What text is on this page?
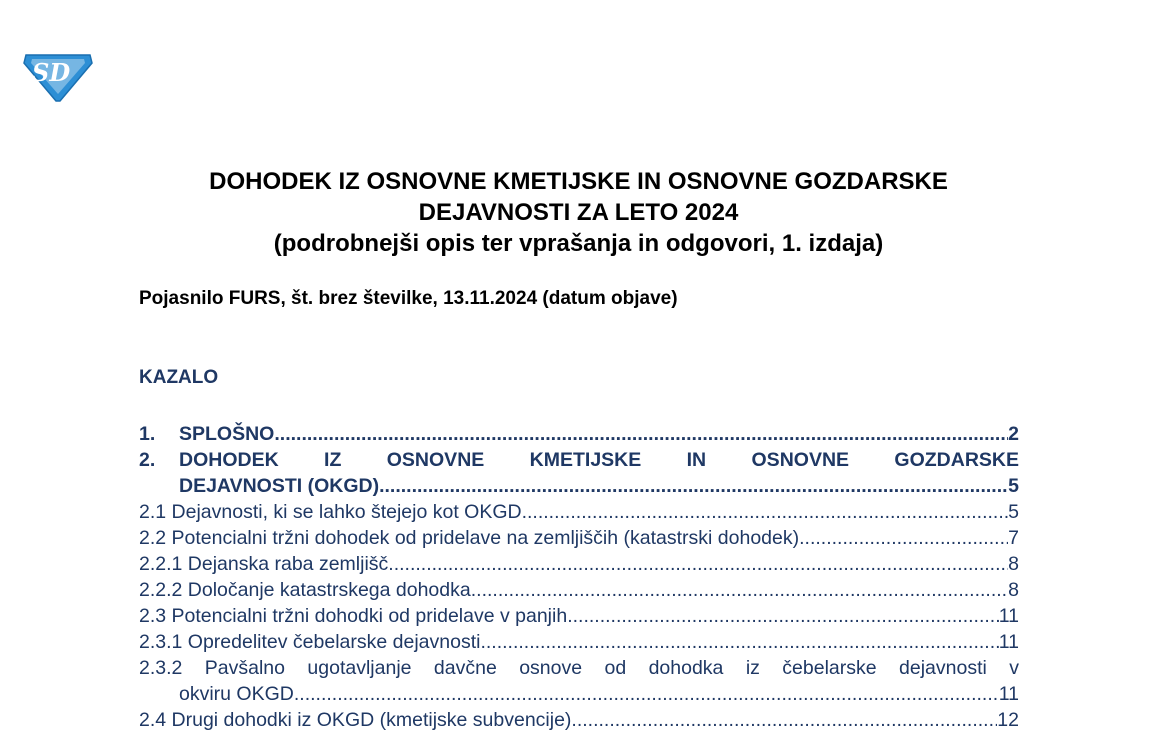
SD
DOHODEK IZ OSNOVNE KMETIJSKE IN OSNOVNE GOZDARSKE
DEJAVNOSTI ZA LETO 2024
(podrobnejši opis ter vprašanja in odgovori, 1. izdaja)
Pojasnilo FURS, št. brez številke, 13.11.2024 (datum objave)
KAZALO
1.	SPLOŠNO .....	2
2.	DOHODEK IZ OSNOVNE KMETIJSKE IN OSNOVNE GOZDARSKE
DEJAVNOSTI (OKGD) .....	5
2.1 Dejavnosti, ki se lahko štejejo kot OKGD .....	5
2.2 Potencialni tržni dohodek od pridelave na zemljiščih (katastrski dohodek) .....	7
2.2.1 Dejanska raba zemljišč .....	8
2.2.2 Določanje katastrskega dohodka .....	8
2.3 Potencialni tržni dohodki od pridelave v panjih .....	11
2.3.1 Opredelitev čebelarske dejavnosti .....	11
2.3.2 Pavšalno ugotavljanje davčne osnove od dohodka iz čebelarske dejavnosti v
okviru OKGD .....	11
2.4 Drugi dohodki iz OKGD (kmetijske subvencije) .....	12
